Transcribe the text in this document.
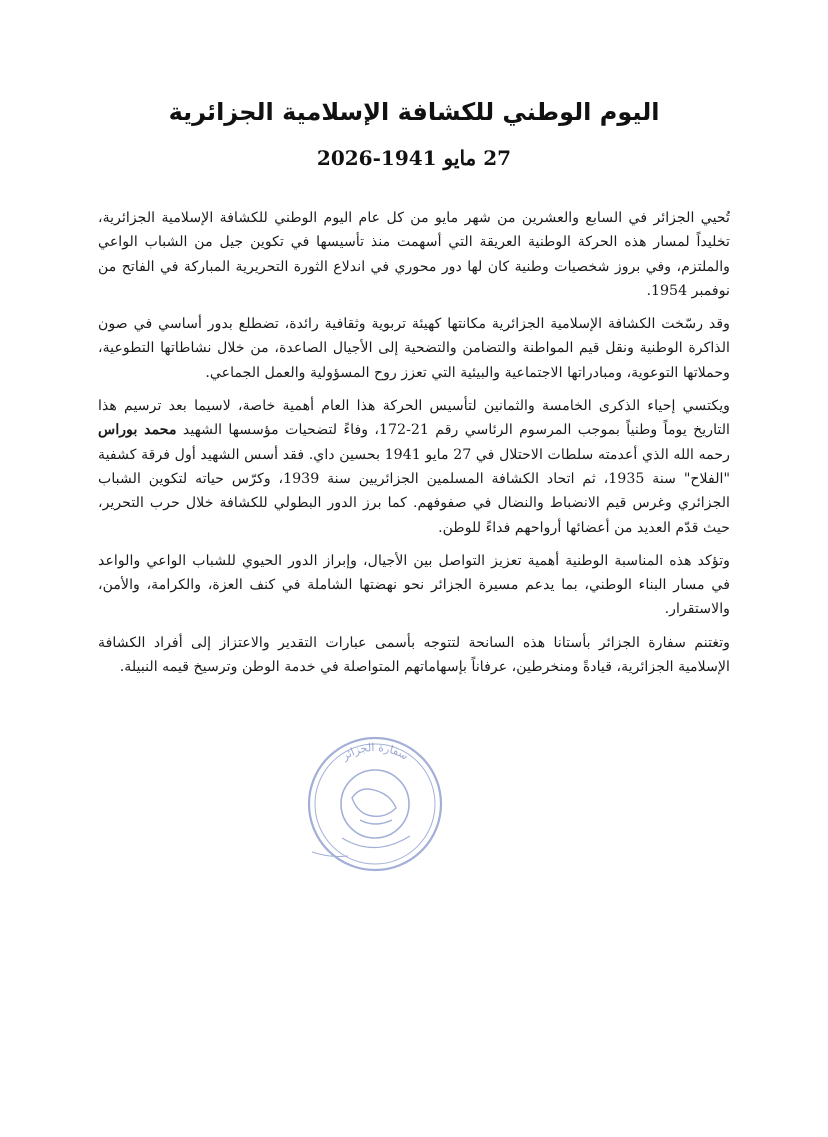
اليوم الوطني للكشافة الإسلامية الجزائرية
27 مايو 1941-2026

تُحيي الجزائر في السابع والعشرين من شهر مايو من كل عام اليوم الوطني للكشافة الإسلامية الجزائرية، تخليداً لمسار هذه الحركة الوطنية العريقة التي أسهمت منذ تأسيسها في تكوين جيل من الشباب الواعي والملتزم، وفي بروز شخصيات وطنية كان لها دور محوري في اندلاع الثورة التحريرية المباركة في الفاتح من نوفمبر 1954.

وقد رسّخت الكشافة الإسلامية الجزائرية مكانتها كهيئة تربوية وثقافية رائدة، تضطلع بدور أساسي في صون الذاكرة الوطنية ونقل قيم المواطنة والتضامن والتضحية إلى الأجيال الصاعدة، من خلال نشاطاتها التطوعية، وحملاتها التوعوية، ومبادراتها الاجتماعية والبيئية التي تعزز روح المسؤولية والعمل الجماعي.

ويكتسي إحياء الذكرى الخامسة والثمانين لتأسيس الحركة هذا العام أهمية خاصة، لاسيما بعد ترسيم هذا التاريخ يوماً وطنياً بموجب المرسوم الرئاسي رقم 21-172، وفاءً لتضحيات مؤسسها الشهيد محمد بوراس رحمه الله الذي أعدمته سلطات الاحتلال في 27 مايو 1941 بحسين داي. فقد أسس الشهيد أول فرقة كشفية "الفلاح" سنة 1935، ثم اتحاد الكشافة المسلمين الجزائريين سنة 1939، وكرّس حياته لتكوين الشباب الجزائري وغرس قيم الانضباط والنضال في صفوفهم. كما برز الدور البطولي للكشافة خلال حرب التحرير، حيث قدّم العديد من أعضائها أرواحهم فداءً للوطن.

وتؤكد هذه المناسبة الوطنية أهمية تعزيز التواصل بين الأجيال، وإبراز الدور الحيوي للشباب الواعي والواعد في مسار البناء الوطني، بما يدعم مسيرة الجزائر نحو نهضتها الشاملة في كنف العزة، والكرامة، والأمن، والاستقرار.

وتغتنم سفارة الجزائر بأستانا هذه السانحة لتتوجه بأسمى عبارات التقدير والاعتزاز إلى أفراد الكشافة الإسلامية الجزائرية، قيادةً ومنخرطين، عرفاناً بإسهاماتهم المتواصلة في خدمة الوطن وترسيخ قيمه النبيلة.

سفارة الجزائر
